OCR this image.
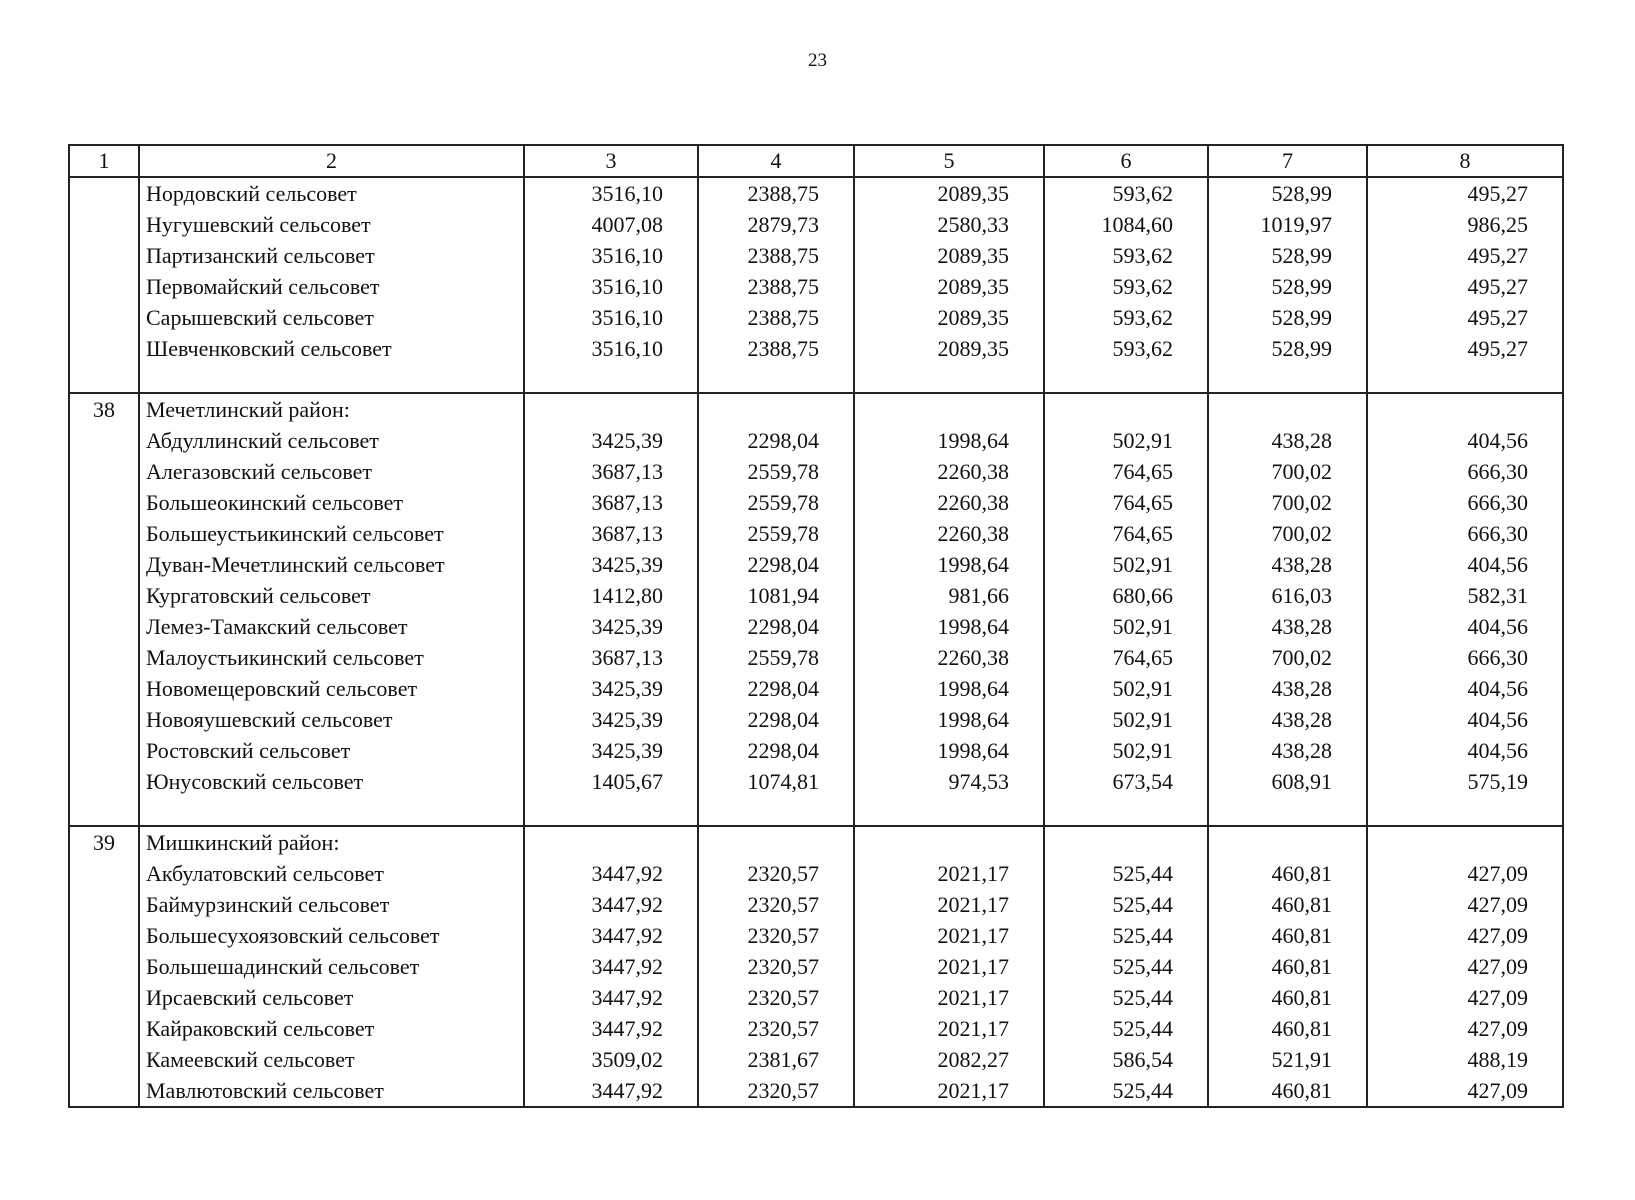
23
1	2	3	4	5	6	7	8
	Нордовский сельсовет	3516,10	2388,75	2089,35	593,62	528,99	495,27
	Нугушевский сельсовет	4007,08	2879,73	2580,33	1084,60	1019,97	986,25
	Партизанский сельсовет	3516,10	2388,75	2089,35	593,62	528,99	495,27
	Первомайский сельсовет	3516,10	2388,75	2089,35	593,62	528,99	495,27
	Сарышевский сельсовет	3516,10	2388,75	2089,35	593,62	528,99	495,27
	Шевченковский сельсовет	3516,10	2388,75	2089,35	593,62	528,99	495,27

38	Мечетлинский район:						
	Абдуллинский сельсовет	3425,39	2298,04	1998,64	502,91	438,28	404,56
	Алегазовский сельсовет	3687,13	2559,78	2260,38	764,65	700,02	666,30
	Большеокинский сельсовет	3687,13	2559,78	2260,38	764,65	700,02	666,30
	Большеустьикинский сельсовет	3687,13	2559,78	2260,38	764,65	700,02	666,30
	Дуван-Мечетлинский сельсовет	3425,39	2298,04	1998,64	502,91	438,28	404,56
	Кургатовский сельсовет	1412,80	1081,94	981,66	680,66	616,03	582,31
	Лемез-Тамакский сельсовет	3425,39	2298,04	1998,64	502,91	438,28	404,56
	Малоустьикинский сельсовет	3687,13	2559,78	2260,38	764,65	700,02	666,30
	Новомещеровский сельсовет	3425,39	2298,04	1998,64	502,91	438,28	404,56
	Новояушевский сельсовет	3425,39	2298,04	1998,64	502,91	438,28	404,56
	Ростовский сельсовет	3425,39	2298,04	1998,64	502,91	438,28	404,56
	Юнусовский сельсовет	1405,67	1074,81	974,53	673,54	608,91	575,19

39	Мишкинский район:						
	Акбулатовский сельсовет	3447,92	2320,57	2021,17	525,44	460,81	427,09
	Баймурзинский сельсовет	3447,92	2320,57	2021,17	525,44	460,81	427,09
	Большесухоязовский сельсовет	3447,92	2320,57	2021,17	525,44	460,81	427,09
	Большешадинский сельсовет	3447,92	2320,57	2021,17	525,44	460,81	427,09
	Ирсаевский сельсовет	3447,92	2320,57	2021,17	525,44	460,81	427,09
	Кайраковский сельсовет	3447,92	2320,57	2021,17	525,44	460,81	427,09
	Камеевский сельсовет	3509,02	2381,67	2082,27	586,54	521,91	488,19
	Мавлютовский сельсовет	3447,92	2320,57	2021,17	525,44	460,81	427,09
